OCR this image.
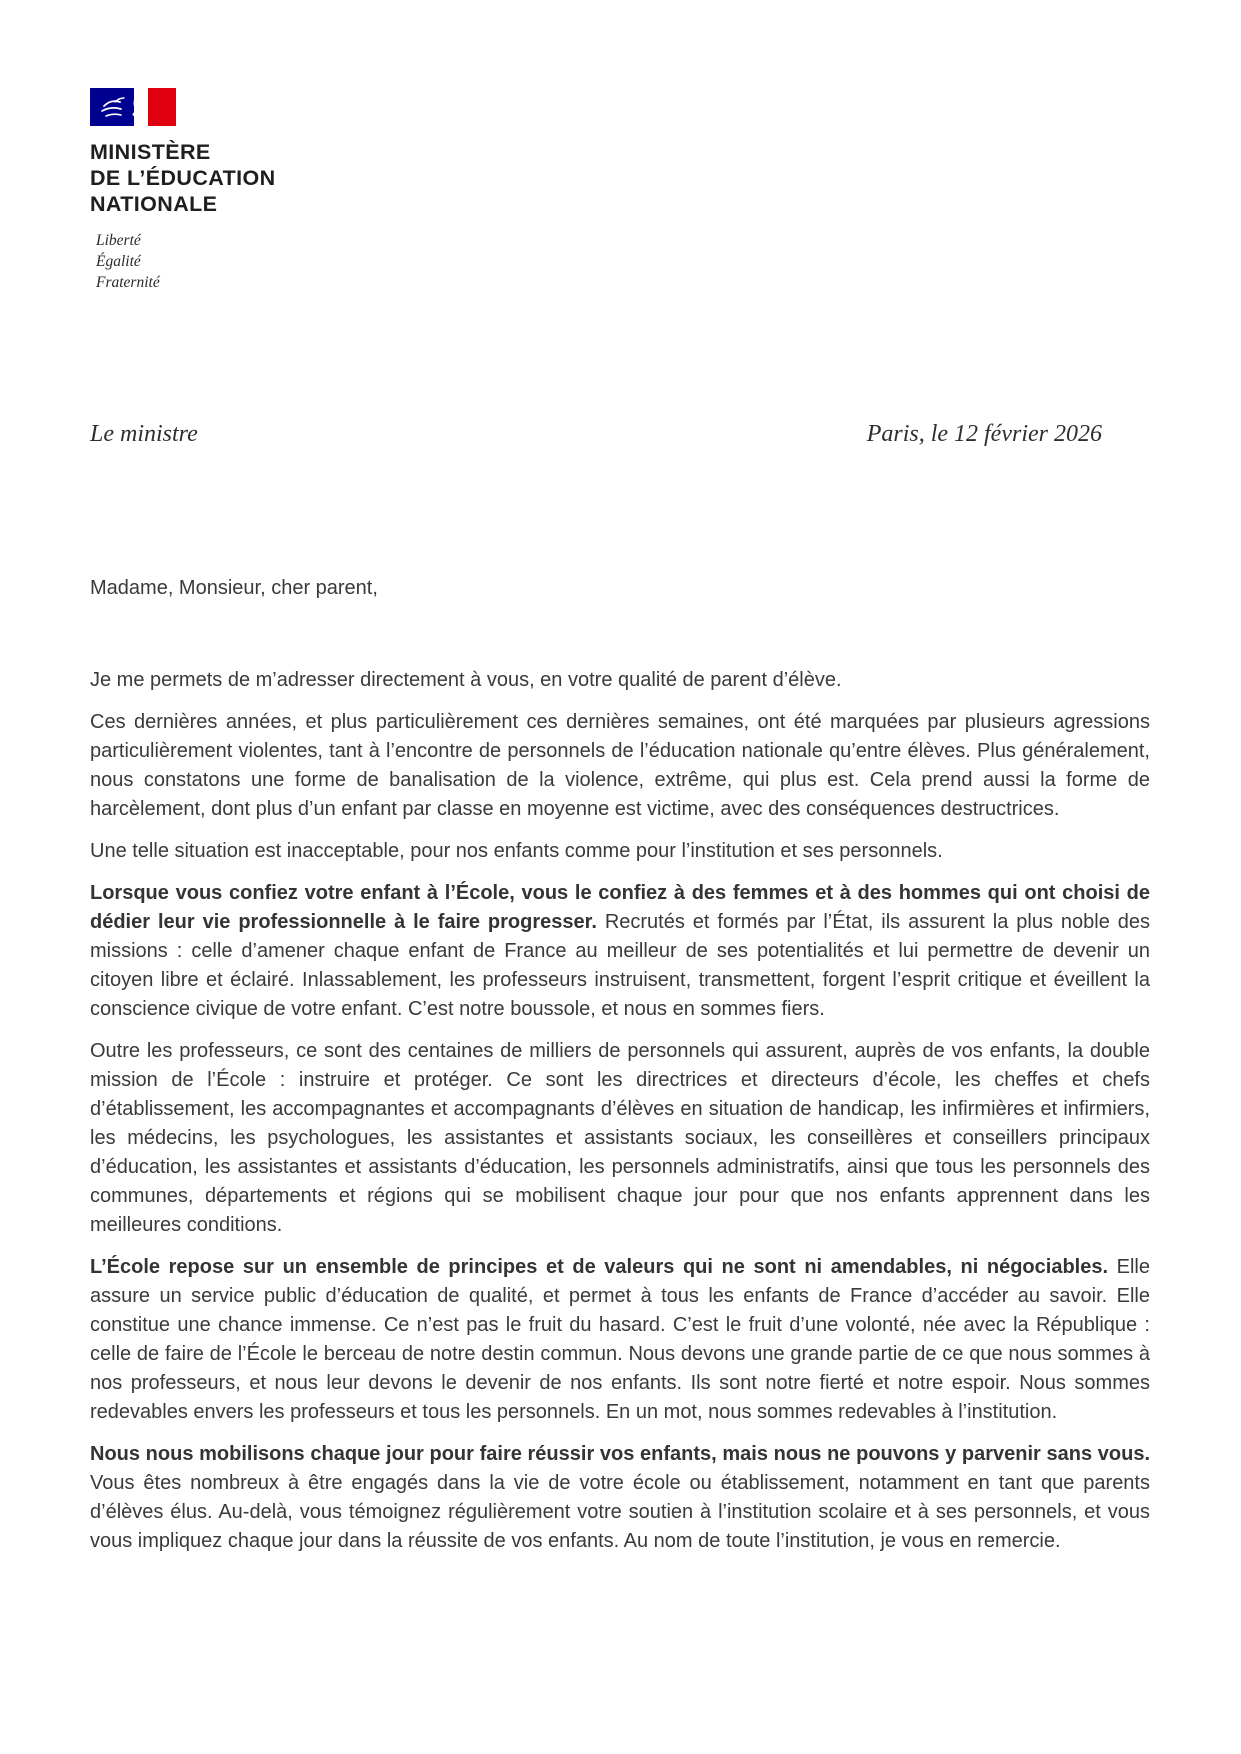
MINISTÈRE
DE L’ÉDUCATION
NATIONALE
Liberté
Égalité
Fraternité
Le ministre	Paris, le 12 février 2026
Madame, Monsieur, cher parent,

Je me permets de m’adresser directement à vous, en votre qualité de parent d’élève.

Ces dernières années, et plus particulièrement ces dernières semaines, ont été marquées par plusieurs agressions particulièrement violentes, tant à l’encontre de personnels de l’éducation nationale qu’entre élèves. Plus généralement, nous constatons une forme de banalisation de la violence, extrême, qui plus est. Cela prend aussi la forme de harcèlement, dont plus d’un enfant par classe en moyenne est victime, avec des conséquences destructrices.

Une telle situation est inacceptable, pour nos enfants comme pour l’institution et ses personnels.

Lorsque vous confiez votre enfant à l’École, vous le confiez à des femmes et à des hommes qui ont choisi de dédier leur vie professionnelle à le faire progresser. Recrutés et formés par l’État, ils assurent la plus noble des missions : celle d’amener chaque enfant de France au meilleur de ses potentialités et lui permettre de devenir un citoyen libre et éclairé. Inlassablement, les professeurs instruisent, transmettent, forgent l’esprit critique et éveillent la conscience civique de votre enfant. C’est notre boussole, et nous en sommes fiers.

Outre les professeurs, ce sont des centaines de milliers de personnels qui assurent, auprès de vos enfants, la double mission de l’École : instruire et protéger. Ce sont les directrices et directeurs d’école, les cheffes et chefs d’établissement, les accompagnantes et accompagnants d’élèves en situation de handicap, les infirmières et infirmiers, les médecins, les psychologues, les assistantes et assistants sociaux, les conseillères et conseillers principaux d’éducation, les assistantes et assistants d’éducation, les personnels administratifs, ainsi que tous les personnels des communes, départements et régions qui se mobilisent chaque jour pour que nos enfants apprennent dans les meilleures conditions.

L’École repose sur un ensemble de principes et de valeurs qui ne sont ni amendables, ni négociables. Elle assure un service public d’éducation de qualité, et permet à tous les enfants de France d’accéder au savoir. Elle constitue une chance immense. Ce n’est pas le fruit du hasard. C’est le fruit d’une volonté, née avec la République : celle de faire de l’École le berceau de notre destin commun. Nous devons une grande partie de ce que nous sommes à nos professeurs, et nous leur devons le devenir de nos enfants. Ils sont notre fierté et notre espoir. Nous sommes redevables envers les professeurs et tous les personnels. En un mot, nous sommes redevables à l’institution.

Nous nous mobilisons chaque jour pour faire réussir vos enfants, mais nous ne pouvons y parvenir sans vous. Vous êtes nombreux à être engagés dans la vie de votre école ou établissement, notamment en tant que parents d’élèves élus. Au-delà, vous témoignez régulièrement votre soutien à l’institution scolaire et à ses personnels, et vous vous impliquez chaque jour dans la réussite de vos enfants. Au nom de toute l’institution, je vous en remercie.
